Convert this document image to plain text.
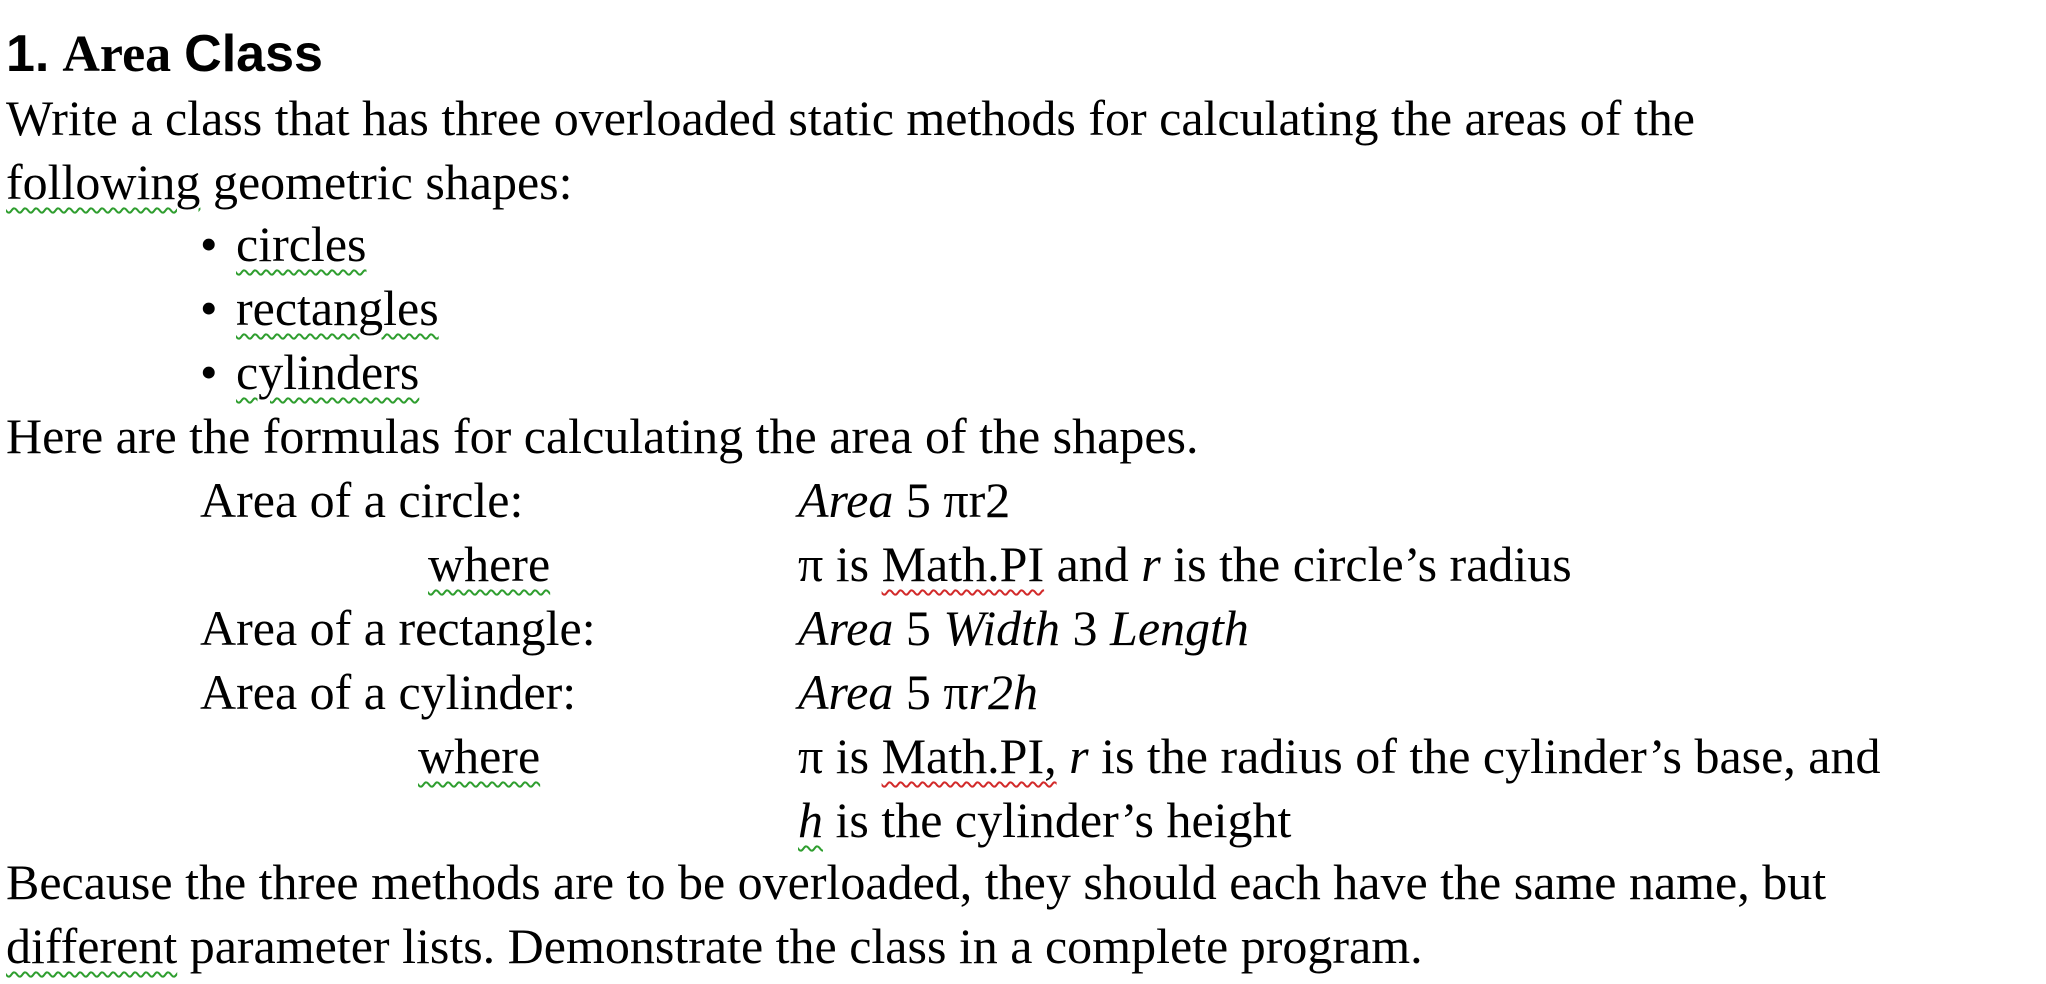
1. Area Class
Write a class that has three overloaded static methods for calculating the areas of the
following geometric shapes:
• circles
• rectangles
• cylinders
Here are the formulas for calculating the area of the shapes.
Area of a circle:	Area 5 πr2
where	π is Math.PI and r is the circle’s radius
Area of a rectangle:	Area 5 Width 3 Length
Area of a cylinder:	Area 5 πr2h
where	π is Math.PI, r is the radius of the cylinder’s base, and
h is the cylinder’s height
Because the three methods are to be overloaded, they should each have the same name, but
different parameter lists. Demonstrate the class in a complete program.
